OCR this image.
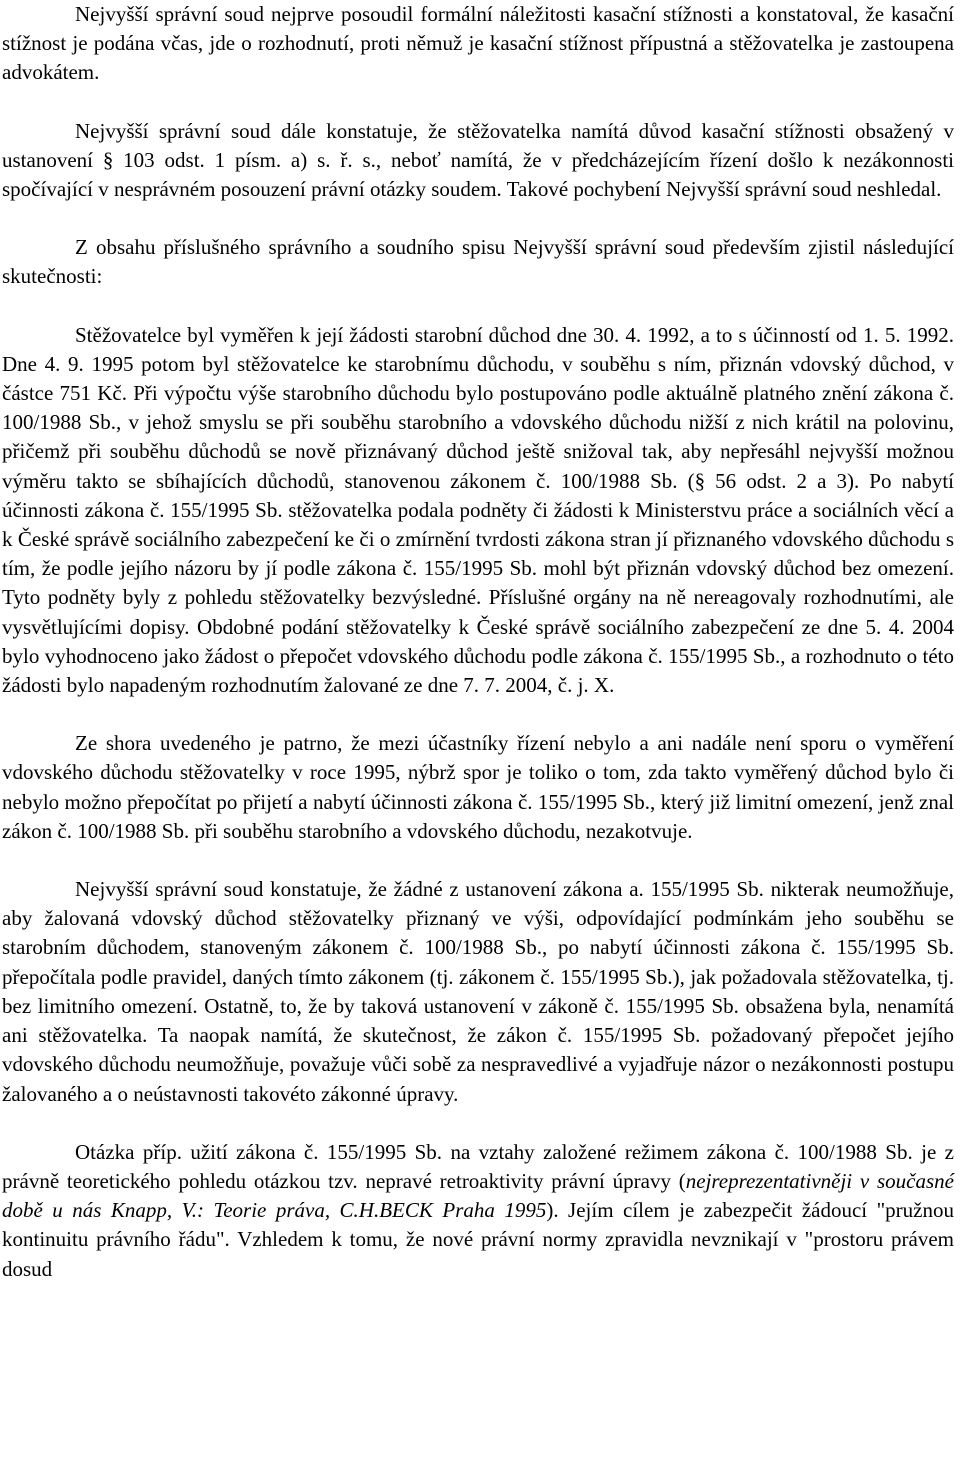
Nejvyšší správní soud nejprve posoudil formální náležitosti kasační stížnosti a konstatoval, že kasační stížnost je podána včas, jde o rozhodnutí, proti němuž je kasační stížnost přípustná a stěžovatelka je zastoupena advokátem.

Nejvyšší správní soud dále konstatuje, že stěžovatelka namítá důvod kasační stížnosti obsažený v ustanovení § 103 odst. 1 písm. a) s. ř. s., neboť namítá, že v předcházejícím řízení došlo k nezákonnosti spočívající v nesprávném posouzení právní otázky soudem. Takové pochybení Nejvyšší správní soud neshledal.

Z obsahu příslušného správního a soudního spisu Nejvyšší správní soud především zjistil následující skutečnosti:

Stěžovatelce byl vyměřen k její žádosti starobní důchod dne 30. 4. 1992, a to s účinností od 1. 5. 1992. Dne 4. 9. 1995 potom byl stěžovatelce ke starobnímu důchodu, v souběhu s ním, přiznán vdovský důchod, v částce 751 Kč. Při výpočtu výše starobního důchodu bylo postupováno podle aktuálně platného znění zákona č. 100/1988 Sb., v jehož smyslu se při souběhu starobního a vdovského důchodu nižší z nich krátil na polovinu, přičemž při souběhu důchodů se nově přiznávaný důchod ještě snižoval tak, aby nepřesáhl nejvyšší možnou výměru takto se sbíhajících důchodů, stanovenou zákonem č. 100/1988 Sb. (§ 56 odst. 2 a 3). Po nabytí účinnosti zákona č. 155/1995 Sb. stěžovatelka podala podněty či žádosti k Ministerstvu práce a sociálních věcí a k České správě sociálního zabezpečení ke či o zmírnění tvrdosti zákona stran jí přiznaného vdovského důchodu s tím, že podle jejího názoru by jí podle zákona č. 155/1995 Sb. mohl být přiznán vdovský důchod bez omezení. Tyto podněty byly z pohledu stěžovatelky bezvýsledné. Příslušné orgány na ně nereagovaly rozhodnutími, ale vysvětlujícími dopisy. Obdobné podání stěžovatelky k České správě sociálního zabezpečení ze dne 5. 4. 2004 bylo vyhodnoceno jako žádost o přepočet vdovského důchodu podle zákona č. 155/1995 Sb., a rozhodnuto o této žádosti bylo napadeným rozhodnutím žalované ze dne 7. 7. 2004, č. j. X.

Ze shora uvedeného je patrno, že mezi účastníky řízení nebylo a ani nadále není sporu o vyměření vdovského důchodu stěžovatelky v roce 1995, nýbrž spor je toliko o tom, zda takto vyměřený důchod bylo či nebylo možno přepočítat po přijetí a nabytí účinnosti zákona č. 155/1995 Sb., který již limitní omezení, jenž znal zákon č. 100/1988 Sb. při souběhu starobního a vdovského důchodu, nezakotvuje.

Nejvyšší správní soud konstatuje, že žádné z ustanovení zákona a. 155/1995 Sb. nikterak neumožňuje, aby žalovaná vdovský důchod stěžovatelky přiznaný ve výši, odpovídající podmínkám jeho souběhu se starobním důchodem, stanoveným zákonem č. 100/1988 Sb., po nabytí účinnosti zákona č. 155/1995 Sb. přepočítala podle pravidel, daných tímto zákonem (tj. zákonem č. 155/1995 Sb.), jak požadovala stěžovatelka, tj. bez limitního omezení. Ostatně, to, že by taková ustanovení v zákoně č. 155/1995 Sb. obsažena byla, nenamítá ani stěžovatelka. Ta naopak namítá, že skutečnost, že zákon č. 155/1995 Sb. požadovaný přepočet jejího vdovského důchodu neumožňuje, považuje vůči sobě za nespravedlivé a vyjadřuje názor o nezákonnosti postupu žalovaného a o neústavnosti takovéto zákonné úpravy.

Otázka příp. užití zákona č. 155/1995 Sb. na vztahy založené režimem zákona č. 100/1988 Sb. je z právně teoretického pohledu otázkou tzv. nepravé retroaktivity právní úpravy (nejreprezentativněji v současné době u nás Knapp, V.: Teorie práva, C.H.BECK Praha 1995). Jejím cílem je zabezpečit žádoucí "pružnou kontinuitu právního řádu". Vzhledem k tomu, že nové právní normy zpravidla nevznikají v "prostoru právem dosud
